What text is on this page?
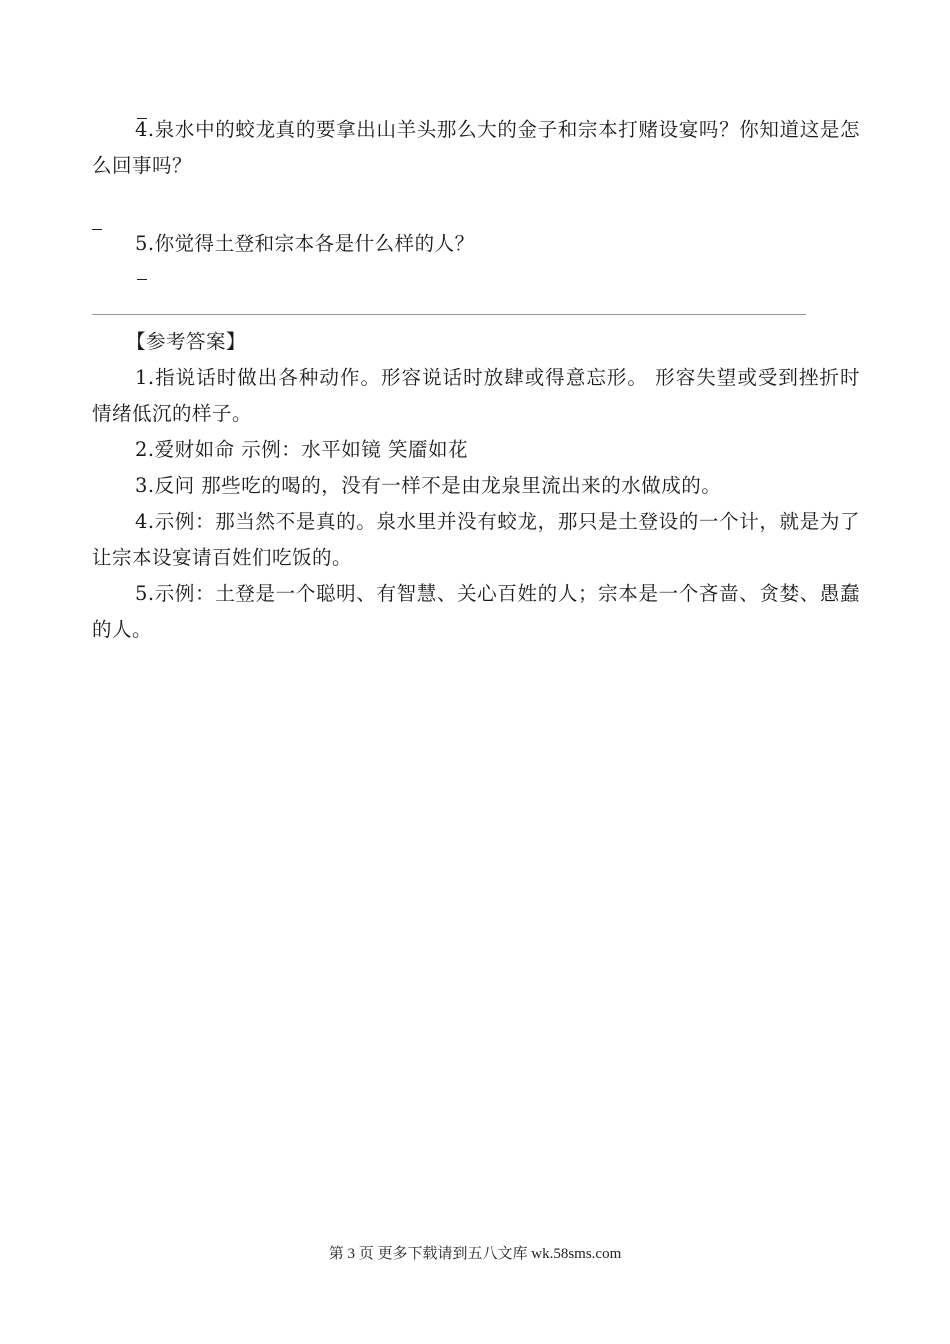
4.泉水中的蛟龙真的要拿出山羊头那么大的金子和宗本打赌设宴吗？你知道这是怎么回事吗？

5.你觉得土登和宗本各是什么样的人？

【参考答案】

1.指说话时做出各种动作。形容说话时放肆或得意忘形。 形容失望或受到挫折时情绪低沉的样子。

2.爱财如命 示例：水平如镜 笑靥如花

3.反问 那些吃的喝的，没有一样不是由龙泉里流出来的水做成的。

4.示例：那当然不是真的。泉水里并没有蛟龙，那只是土登设的一个计，就是为了让宗本设宴请百姓们吃饭的。

5.示例：土登是一个聪明、有智慧、关心百姓的人；宗本是一个吝啬、贪婪、愚蠢的人。

第 3 页 更多下载请到五八文库 wk.58sms.com
